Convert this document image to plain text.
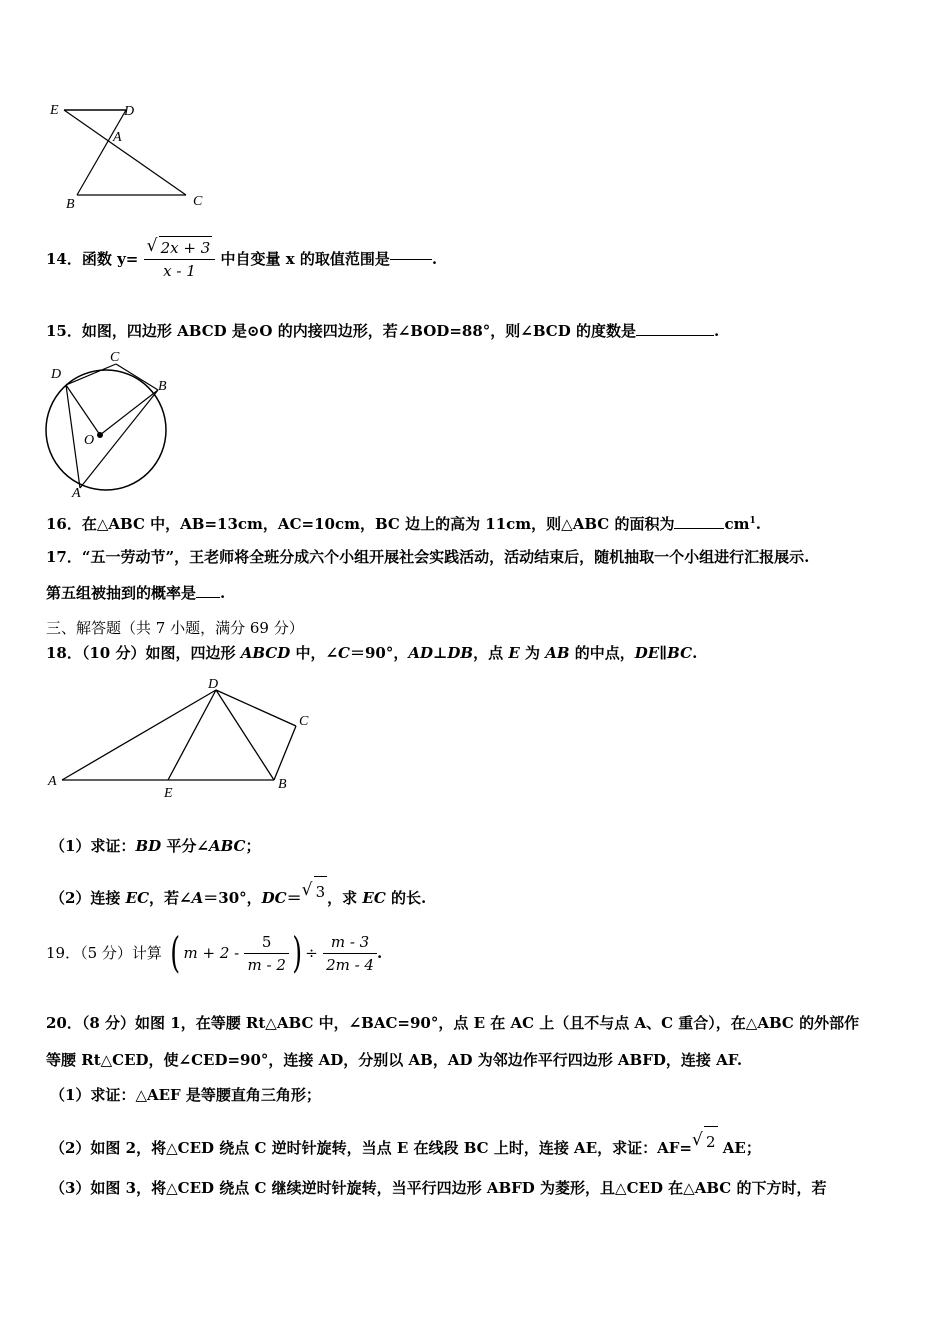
E	D
A
B	C
14．函数 $y= \frac{√ 2x + 3}{x - 1}$ 中自变量 x 的取值范围是	.
15．如图，四边形 ABCD 是⊙O 的内接四边形，若∠BOD=88°，则∠BCD 的度数是	.
C
D
B
O
A
16．在△ABC 中，AB=13cm，AC=10cm，BC 边上的高为 11cm，则△ABC 的面积为	$cm^1$.
17．“五一劳动节”，王老师将全班分成六个小组开展社会实践活动，活动结束后，随机抽取一个小组进行汇报展示.
第五组被抽到的概率是 .
三、解答题（共 7 小题，满分 69 分）
18．（10 分）如图，四边形 ABCD 中，∠C＝90°，AD⊥DB，点 E 为 AB 的中点，DE∥BC.
D
C
A
E
B
（1）求证：BD 平分∠ABC；
（2）连接 EC，若∠A＝30°，DC＝ √ 3 ，求 EC 的长.
19．（5 分）计算 ( $m + 2 - \frac{5}{m - 2}$ ) ÷ $\frac{m - 3}{2m - 4}$ .
20．（8 分）如图 1，在等腰 Rt△ABC 中，∠BAC=90°，点 E 在 AC 上（且不与点 A、C 重合），在△ABC 的外部作
等腰 Rt△CED，使∠CED=90°，连接 AD，分别以 AB，AD 为邻边作平行四边形 ABFD，连接 AF.
（1）求证：△AEF 是等腰直角三角形；
（2）如图 2，将△CED 绕点 C 逆时针旋转，当点 E 在线段 BC 上时，连接 AE，求证：AF= √ 2 AE；
（3）如图 3，将△CED 绕点 C 继续逆时针旋转，当平行四边形 ABFD 为菱形，且△CED 在△ABC 的下方时，若
